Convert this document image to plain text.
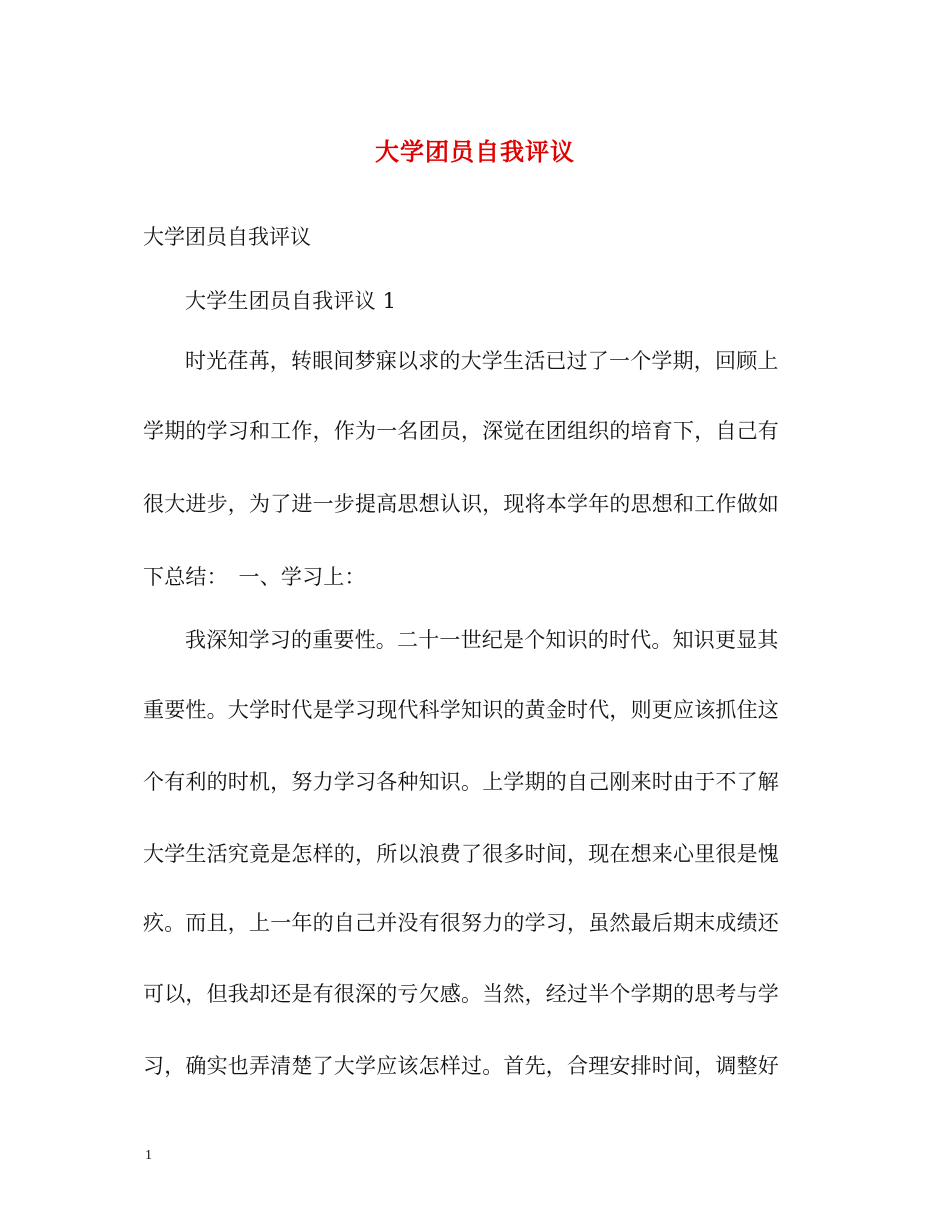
大学团员自我评议
大学团员自我评议
大学生团员自我评议 1
时光荏苒，转眼间梦寐以求的大学生活已过了一个学期，回顾上
学期的学习和工作，作为一名团员，深觉在团组织的培育下，自己有
很大进步，为了进一步提高思想认识，现将本学年的思想和工作做如
下总结：　一、学习上：
我深知学习的重要性。二十一世纪是个知识的时代。知识更显其
重要性。大学时代是学习现代科学知识的黄金时代，则更应该抓住这
个有利的时机，努力学习各种知识。上学期的自己刚来时由于不了解
大学生活究竟是怎样的，所以浪费了很多时间，现在想来心里很是愧
疚。而且，上一年的自己并没有很努力的学习，虽然最后期末成绩还
可以，但我却还是有很深的亏欠感。当然，经过半个学期的思考与学
习，确实也弄清楚了大学应该怎样过。首先，合理安排时间，调整好
1
